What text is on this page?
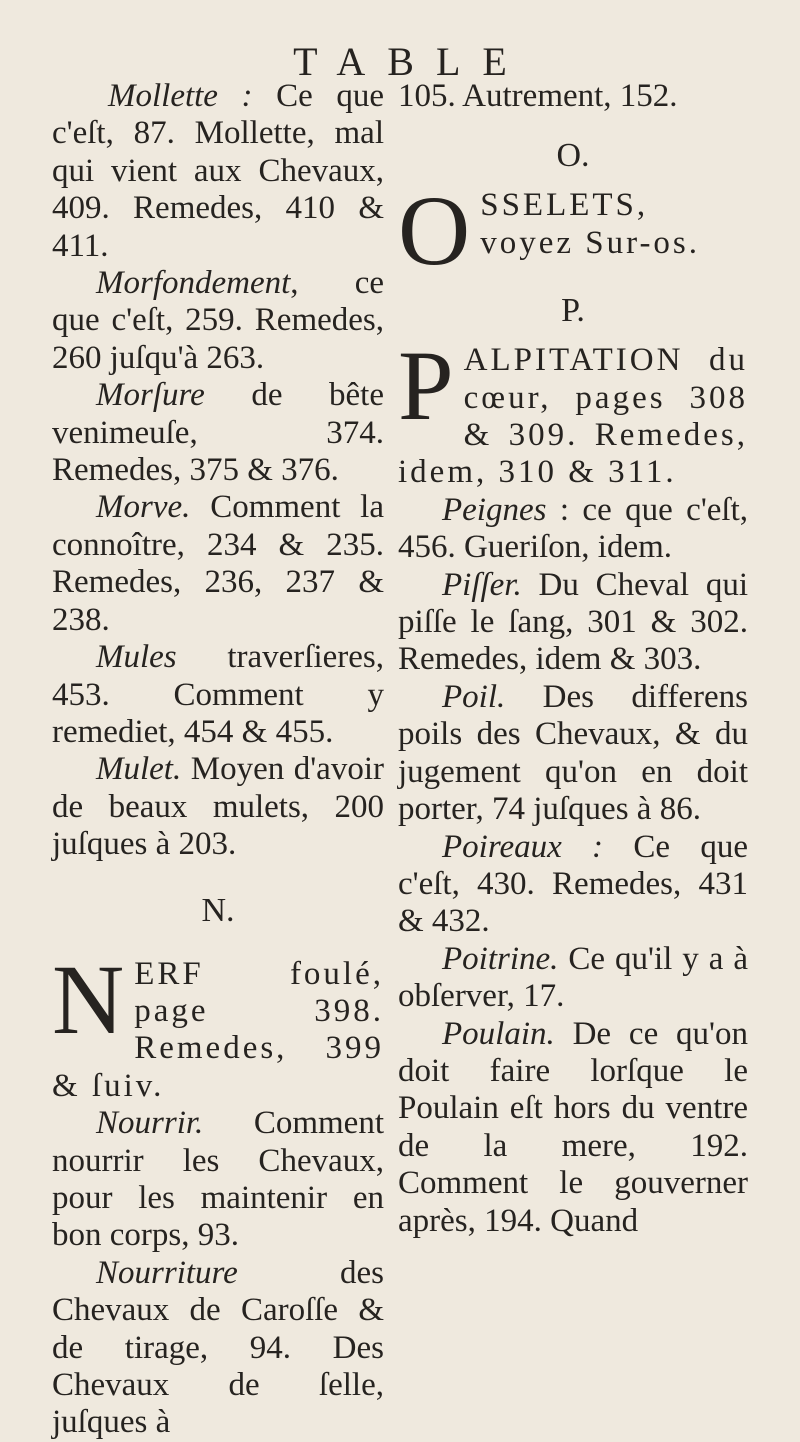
TABLE

Mollette : Ce que c'eſt, 87. Mollette, mal qui vient aux Chevaux, 409. Remedes, 410 & 411.

Morfondement, ce que c'eſt, 259. Remedes, 260 juſqu'à 263.

Morſure de bête venimeuſe, 374. Remedes, 375 & 376.

Morve. Comment la connoître, 234 & 235. Remedes, 236, 237 & 238.

Mules traverſieres, 453. Comment y remediet, 454 & 455.

Mulet. Moyen d'avoir de beaux mulets, 200 juſques à 203.

N.

NERF foulé, page 398. Remedes, 399 & ſuiv.

Nourrir. Comment nourrir les Chevaux, pour les maintenir en bon corps, 93.

Nourriture des Chevaux de Caroſſe & de tirage, 94. Des Chevaux de ſelle, juſques à

105. Autrement, 152.

O.

OSSELETS, voyez Sur-os.

P.

PALPITATION du cœur, pages 308 & 309. Remedes, idem, 310 & 311.

Peignes : ce que c'eſt, 456. Gueriſon, idem.

Piſſer. Du Cheval qui piſſe le ſang, 301 & 302. Remedes, idem & 303.

Poil. Des differens poils des Chevaux, & du jugement qu'on en doit porter, 74 juſques à 86.

Poireaux : Ce que c'eſt, 430. Remedes, 431 & 432.

Poitrine. Ce qu'il y a à obſerver, 17.

Poulain. De ce qu'on doit faire lorſque le Poulain eſt hors du ventre de la mere, 192. Comment le gouverner après, 194. Quand
